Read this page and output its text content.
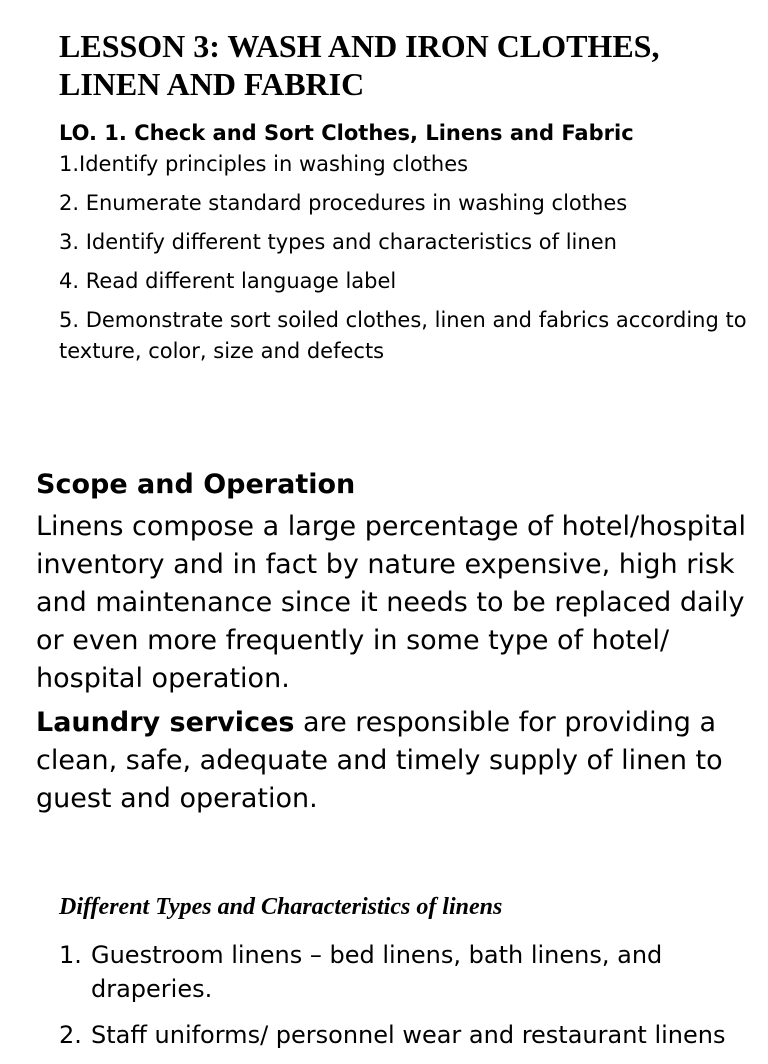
LESSON 3: WASH AND IRON CLOTHES, LINEN AND FABRIC

LO. 1. Check and Sort Clothes, Linens and Fabric

1.Identify principles in washing clothes
2. Enumerate standard procedures in washing clothes
3. Identify different types and characteristics of linen
4. Read different language label
5. Demonstrate sort soiled clothes, linen and fabrics according to texture, color, size and defects

Scope and Operation

Linens compose a large percentage of hotel/hospital inventory and in fact by nature expensive, high risk and maintenance since it needs to be replaced daily or even more frequently in some type of hotel/ hospital operation.

Laundry services are responsible for providing a clean, safe, adequate and timely supply of linen to guest and operation.

Different Types and Characteristics of linens

1. Guestroom linens – bed linens, bath linens, and draperies.
2. Staff uniforms/ personnel wear and restaurant linens
